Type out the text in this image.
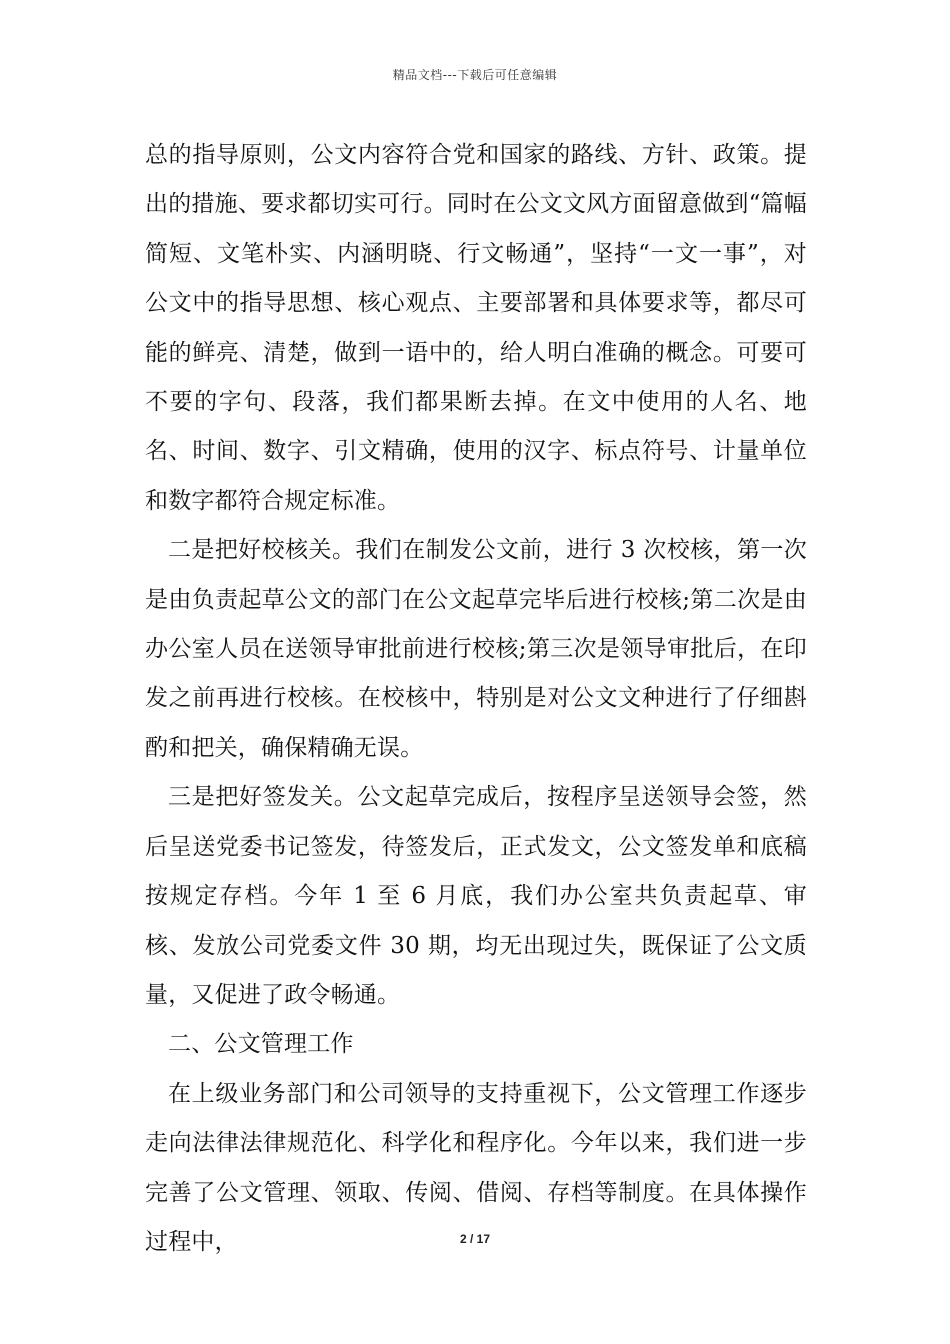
精品文档---下载后可任意编辑

总的指导原则，公文内容符合党和国家的路线、方针、政策。提出的措施、要求都切实可行。同时在公文文风方面留意做到“篇幅简短、文笔朴实、内涵明晓、行文畅通”，坚持“一文一事”，对公文中的指导思想、核心观点、主要部署和具体要求等，都尽可能的鲜亮、清楚，做到一语中的，给人明白准确的概念。可要可不要的字句、段落，我们都果断去掉。在文中使用的人名、地名、时间、数字、引文精确，使用的汉字、标点符号、计量单位和数字都符合规定标准。

二是把好校核关。我们在制发公文前，进行 3 次校核，第一次是由负责起草公文的部门在公文起草完毕后进行校核;第二次是由办公室人员在送领导审批前进行校核;第三次是领导审批后，在印发之前再进行校核。在校核中，特别是对公文文种进行了仔细斟酌和把关，确保精确无误。

三是把好签发关。公文起草完成后，按程序呈送领导会签，然后呈送党委书记签发，待签发后，正式发文，公文签发单和底稿按规定存档。今年 1 至 6 月底，我们办公室共负责起草、审核、发放公司党委文件 30 期，均无出现过失，既保证了公文质量，又促进了政令畅通。

二、公文管理工作

在上级业务部门和公司领导的支持重视下，公文管理工作逐步走向法律法律规范化、科学化和程序化。今年以来，我们进一步完善了公文管理、领取、传阅、借阅、存档等制度。在具体操作过程中，	2 / 17
